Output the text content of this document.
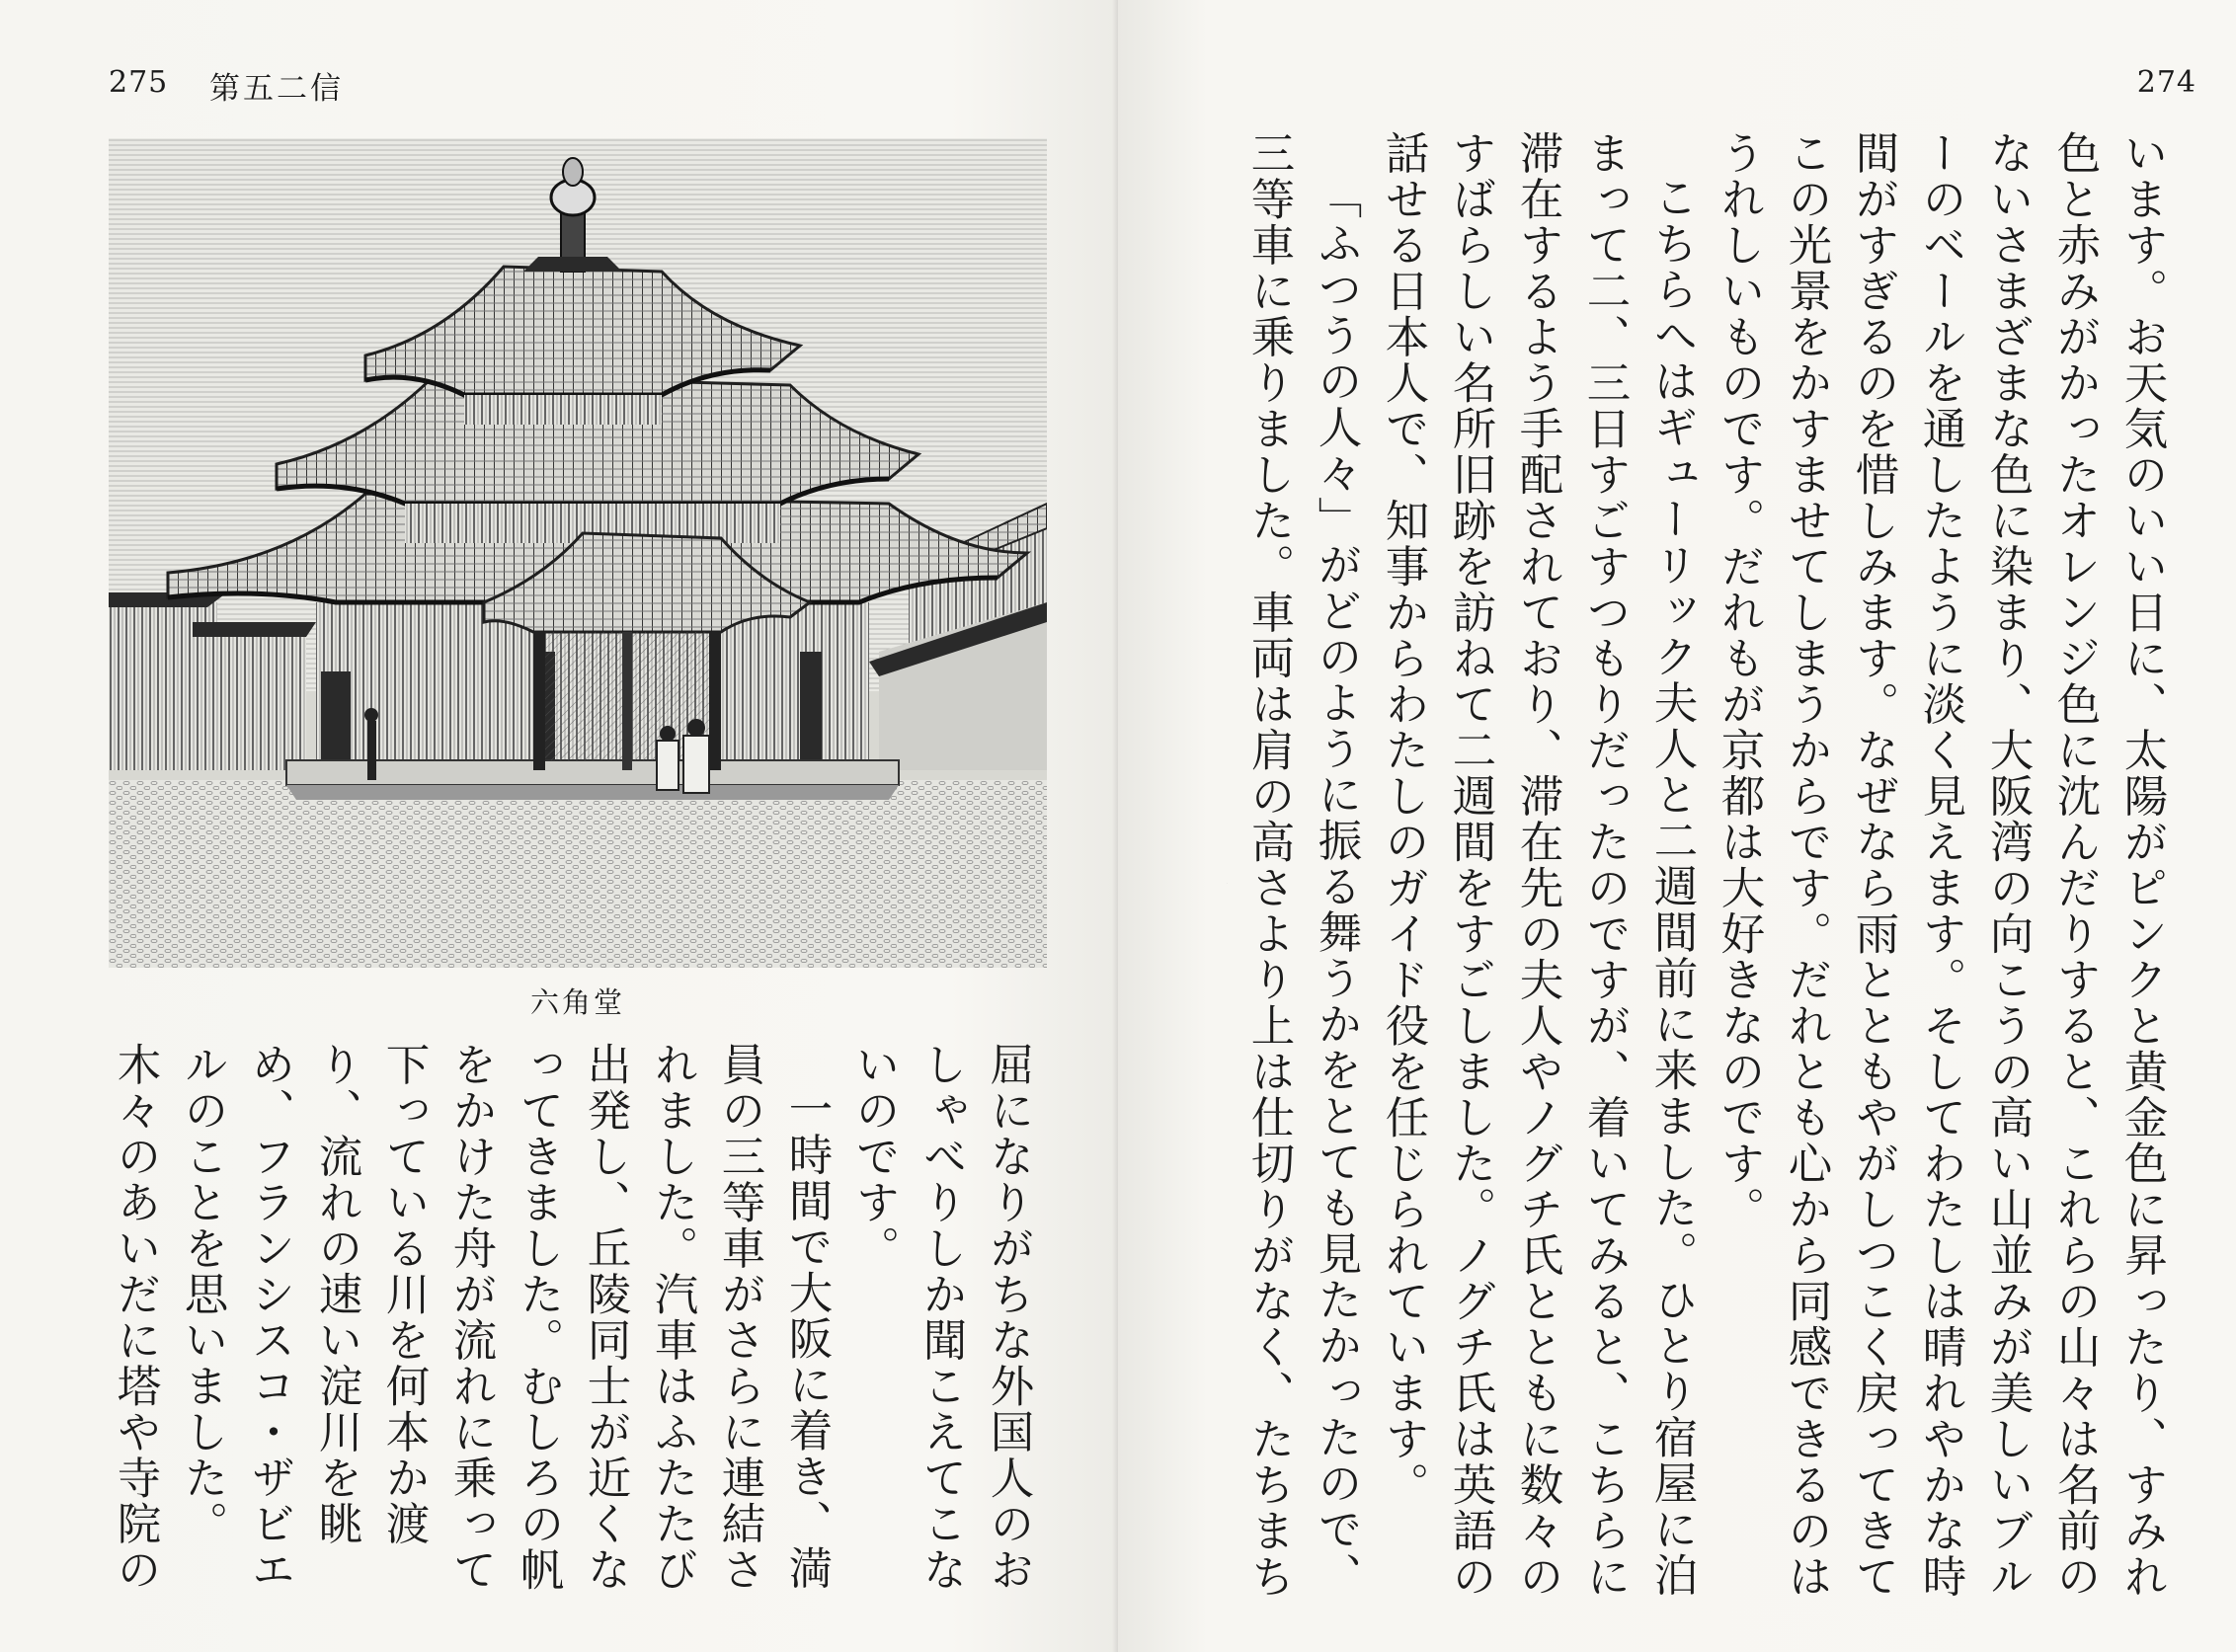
275 第五二信
六角堂

屈になりがちな外国人のおしゃべりしか聞こえてこないのです。

一時間で大阪に着き、満員の三等車がさらに連結されました。汽車はふたたび出発し、丘陵同士が近くなってきました。むしろの帆をかけた舟が流れに乗って下っている川を何本か渡り、流れの速い淀川を眺め、フランシスコ・ザビエルのことを思いました。木々のあいだに塔や寺院の

274

います。お天気のいい日に、太陽がピンクと黄金色に昇ったり、すみれ色と赤みがかったオレンジ色に沈んだりすると、これらの山々は名前のないさまざまな色に染まり、大阪湾の向こうの高い山並みが美しいブルーのベールを通したように淡く見えます。そしてわたしは晴れやかな時間がすぎるのを惜しみます。なぜなら雨とともやがしつこく戻ってきてこの光景をかすませてしまうからです。だれとも心から同感できるのはうれしいものです。だれもが京都は大好きなのです。

こちらへはギューリック夫人と二週間前に来ました。ひとり宿屋に泊まって二、三日すごすつもりだったのですが、着いてみると、こちらに滞在するよう手配されており、滞在先の夫人やノグチ氏とともに数々のすばらしい名所旧跡を訪ねて二週間をすごしました。ノグチ氏は英語の話せる日本人で、知事からわたしのガイド役を任じられています。

「ふつうの人々」がどのように振る舞うかをとても見たかったので、三等車に乗りました。車両は肩の高さより上は仕切りがなく、たちまち
